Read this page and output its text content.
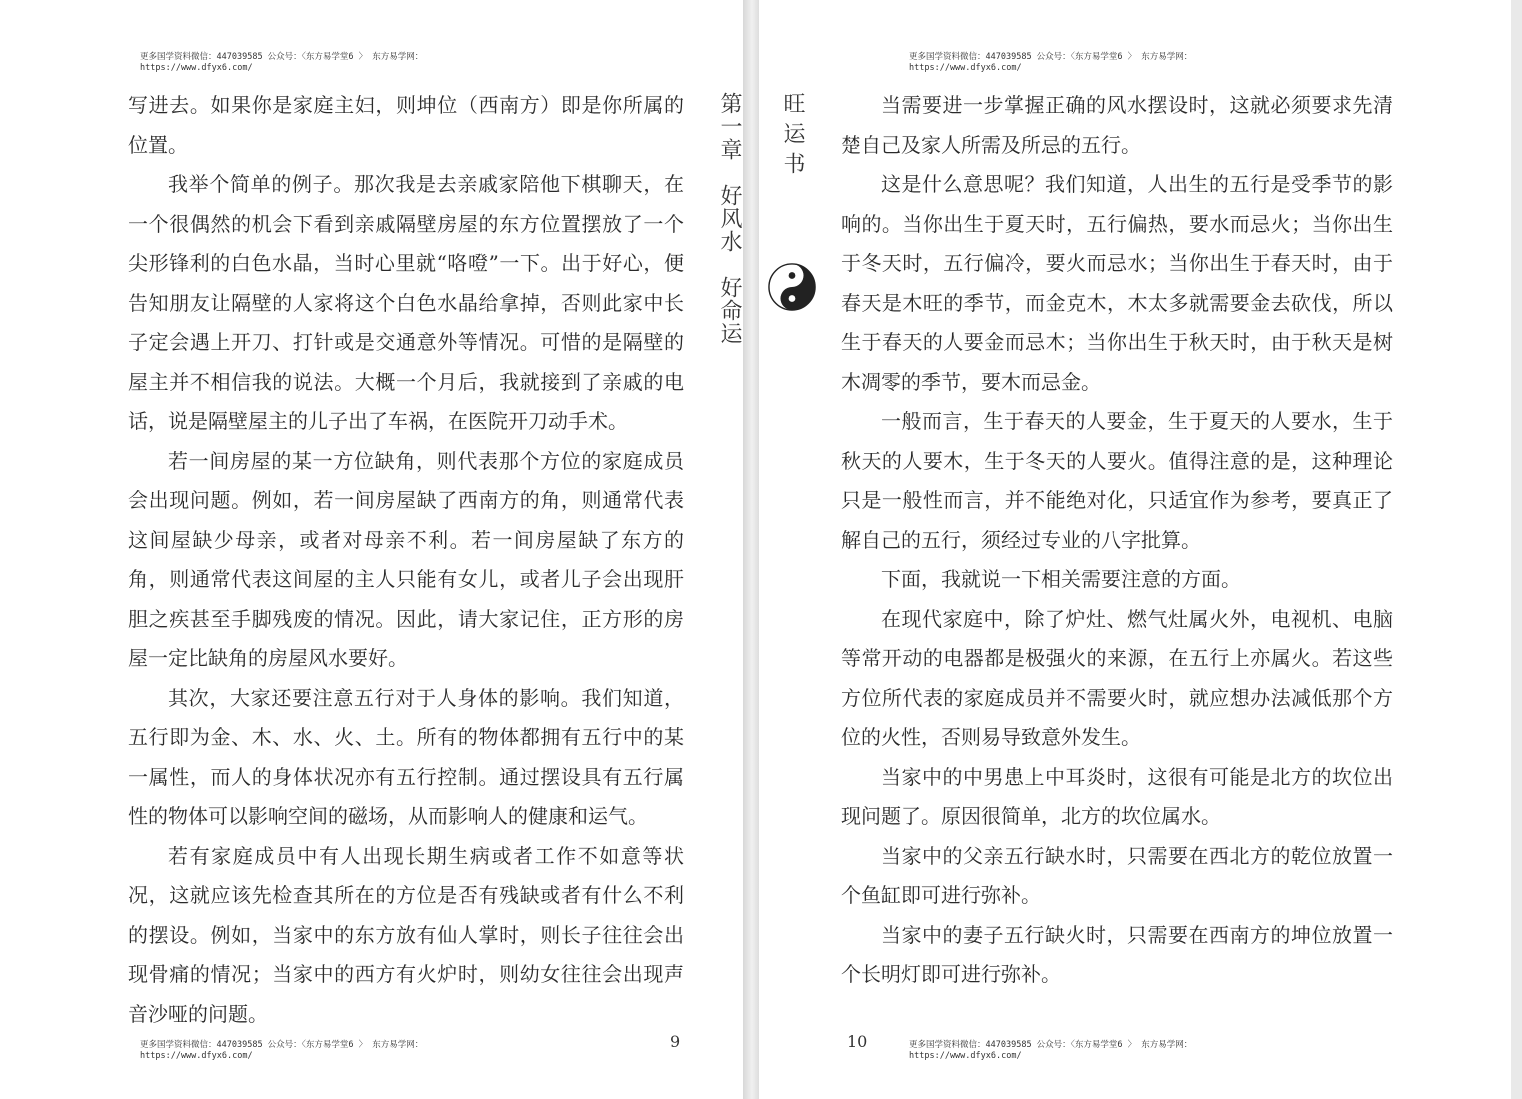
更多国学资料微信：447039585 公众号：〈东方易学堂6 〉 东方易学网：
https://www.dfyx6.com/

写进去。如果你是家庭主妇，则坤位（西南方）即是你所属的位置。

我举个简单的例子。那次我是去亲戚家陪他下棋聊天，在一个很偶然的机会下看到亲戚隔壁房屋的东方位置摆放了一个尖形锋利的白色水晶，当时心里就“咯噔”一下。出于好心，便告知朋友让隔壁的人家将这个白色水晶给拿掉，否则此家中长子定会遇上开刀、打针或是交通意外等情况。可惜的是隔壁的屋主并不相信我的说法。大概一个月后，我就接到了亲戚的电话，说是隔壁屋主的儿子出了车祸，在医院开刀动手术。

若一间房屋的某一方位缺角，则代表那个方位的家庭成员会出现问题。例如，若一间房屋缺了西南方的角，则通常代表这间屋缺少母亲，或者对母亲不利。若一间房屋缺了东方的角，则通常代表这间屋的主人只能有女儿，或者儿子会出现肝胆之疾甚至手脚残废的情况。因此，请大家记住，正方形的房屋一定比缺角的房屋风水要好。

其次，大家还要注意五行对于人身体的影响。我们知道，五行即为金、木、水、火、土。所有的物体都拥有五行中的某一属性，而人的身体状况亦有五行控制。通过摆设具有五行属性的物体可以影响空间的磁场，从而影响人的健康和运气。

若有家庭成员中有人出现长期生病或者工作不如意等状况，这就应该先检查其所在的方位是否有残缺或者有什么不利的摆设。例如，当家中的东方放有仙人掌时，则长子往往会出现骨痛的情况；当家中的西方有火炉时，则幼女往往会出现声音沙哑的问题。

第一章　好风水　好命运
更多国学资料微信：447039585 公众号：〈东方易学堂6 〉 东方易学网：
https://www.dfyx6.com/
9
旺运书
更多国学资料微信：447039585 公众号：〈东方易学堂6 〉 东方易学网：
https://www.dfyx6.com/

当需要进一步掌握正确的风水摆设时，这就必须要求先清楚自己及家人所需及所忌的五行。

这是什么意思呢？我们知道，人出生的五行是受季节的影响的。当你出生于夏天时，五行偏热，要水而忌火；当你出生于冬天时，五行偏冷，要火而忌水；当你出生于春天时，由于春天是木旺的季节，而金克木，木太多就需要金去砍伐，所以生于春天的人要金而忌木；当你出生于秋天时，由于秋天是树木凋零的季节，要木而忌金。

一般而言，生于春天的人要金，生于夏天的人要水，生于秋天的人要木，生于冬天的人要火。值得注意的是，这种理论只是一般性而言，并不能绝对化，只适宜作为参考，要真正了解自己的五行，须经过专业的八字批算。

下面，我就说一下相关需要注意的方面。

在现代家庭中，除了炉灶、燃气灶属火外，电视机、电脑等常开动的电器都是极强火的来源，在五行上亦属火。若这些方位所代表的家庭成员并不需要火时，就应想办法减低那个方位的火性，否则易导致意外发生。

当家中的中男患上中耳炎时，这很有可能是北方的坎位出现问题了。原因很简单，北方的坎位属水。

当家中的父亲五行缺水时，只需要在西北方的乾位放置一个鱼缸即可进行弥补。

当家中的妻子五行缺火时，只需要在西南方的坤位放置一个长明灯即可进行弥补。

10	更多国学资料微信：447039585 公众号：〈东方易学堂6 〉 东方易学网：
https://www.dfyx6.com/
